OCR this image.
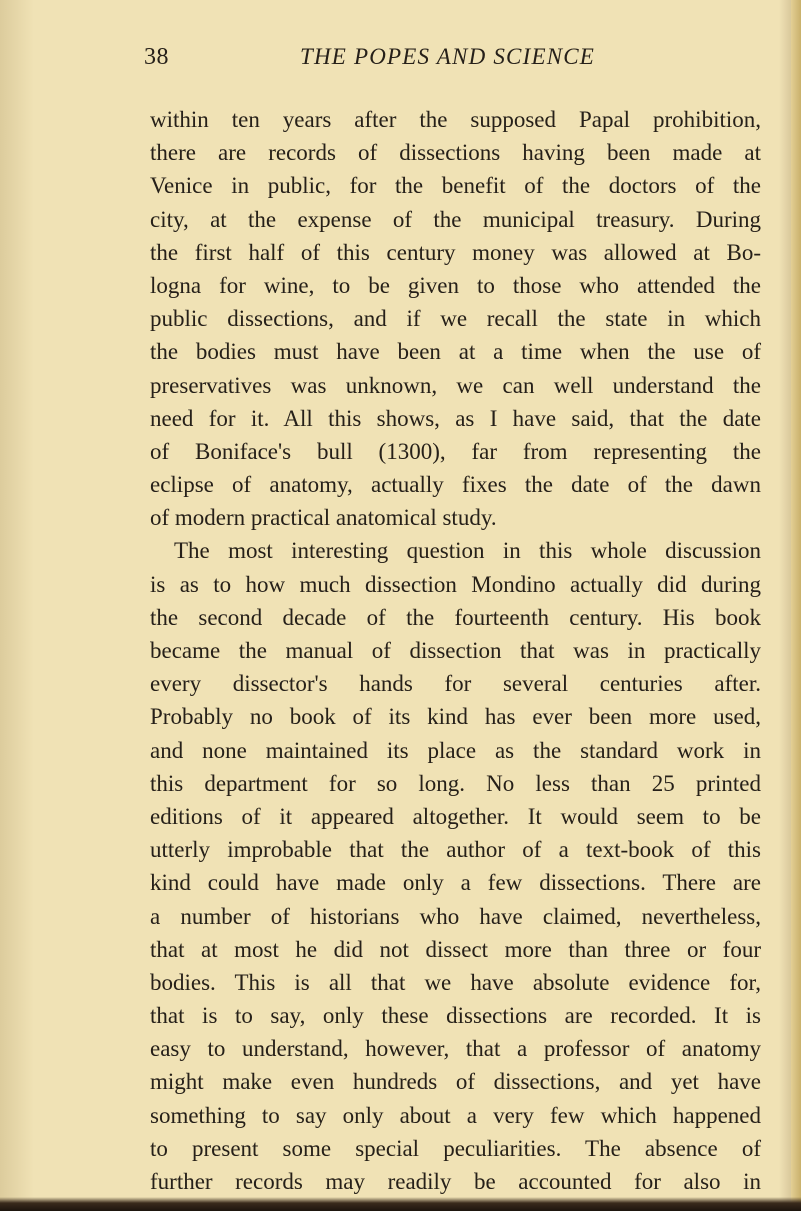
38	THE POPES AND SCIENCE
within ten years after the supposed Papal prohibition,
there are records of dissections having been made at
Venice in public, for the benefit of the doctors of the
city, at the expense of the municipal treasury. During
the first half of this century money was allowed at Bo-
logna for wine, to be given to those who attended the
public dissections, and if we recall the state in which
the bodies must have been at a time when the use of
preservatives was unknown, we can well understand the
need for it. All this shows, as I have said, that the date
of Boniface's bull (1300), far from representing the
eclipse of anatomy, actually fixes the date of the dawn
of modern practical anatomical study.
The most interesting question in this whole discussion
is as to how much dissection Mondino actually did during
the second decade of the fourteenth century. His book
became the manual of dissection that was in practically
every dissector's hands for several centuries after.
Probably no book of its kind has ever been more used,
and none maintained its place as the standard work in
this department for so long. No less than 25 printed
editions of it appeared altogether. It would seem to be
utterly improbable that the author of a text-book of this
kind could have made only a few dissections. There are
a number of historians who have claimed, nevertheless,
that at most he did not dissect more than three or four
bodies. This is all that we have absolute evidence for,
that is to say, only these dissections are recorded. It is
easy to understand, however, that a professor of anatomy
might make even hundreds of dissections, and yet have
something to say only about a very few which happened
to present some special peculiarities. The absence of
further records may readily be accounted for also in
